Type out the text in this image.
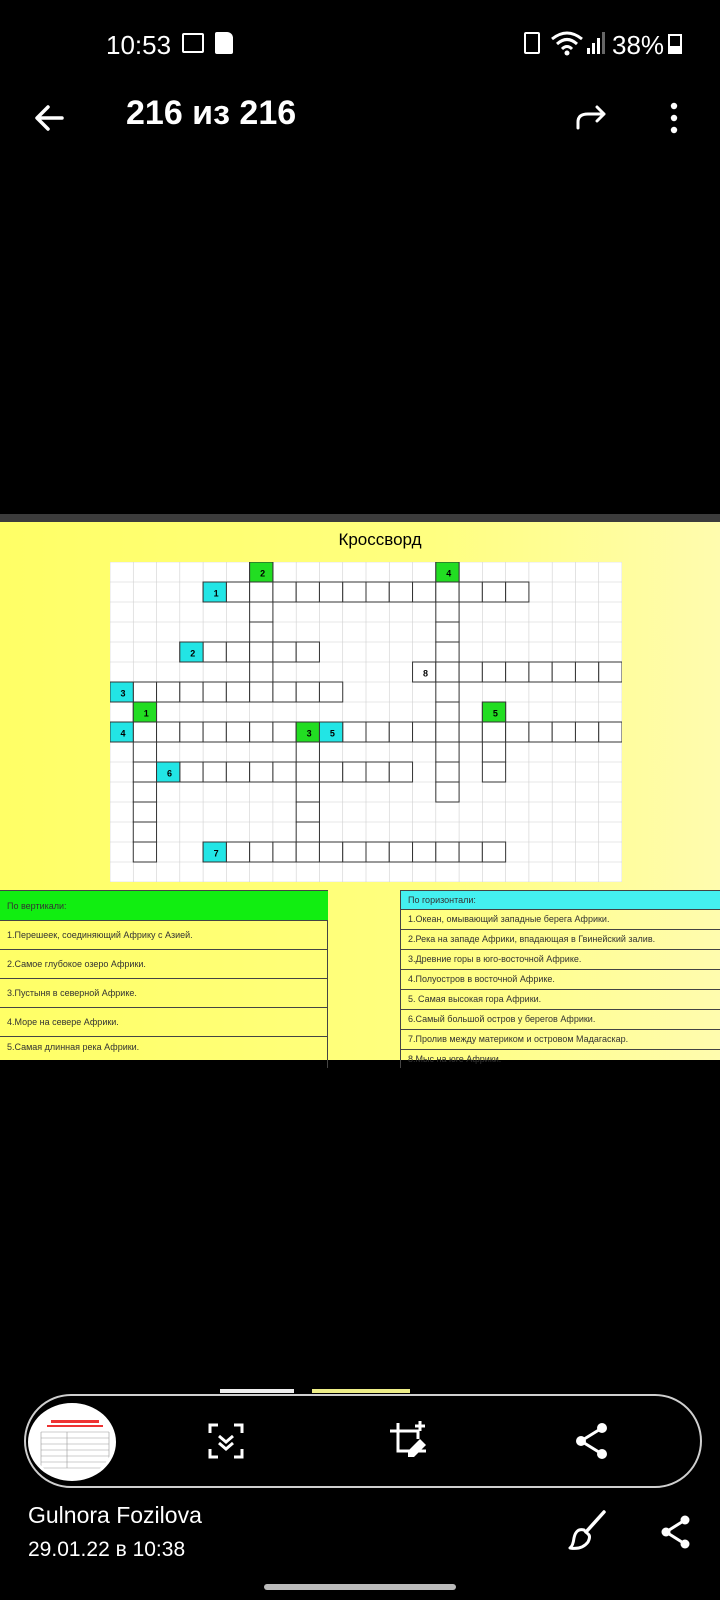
10:53	38%
216 из 216
Кроссворд
1
2
2
3
4
1
4	3 5
5
6
7
8
По вертикали:
1.Перешеек, соединяющий Африку с Азией.
2.Самое глубокое озеро Африки.
3.Пустыня в северной Африке.
4.Море на севере Африки.
5.Самая длинная река Африки.
По горизонтали:
1.Океан, омывающий западные берега Африки.
2.Река на западе Африки, впадающая в Гвинейский залив.
3.Древние горы в юго-восточной Африке.
4.Полуостров в восточной Африке.
5. Самая высокая гора Африки.
6.Самый большой остров у берегов Африки.
7.Пролив между материком и островом Мадагаскар.
8.Мыс на юге Африки.
Gulnora Fozilova
29.01.22 в 10:38
